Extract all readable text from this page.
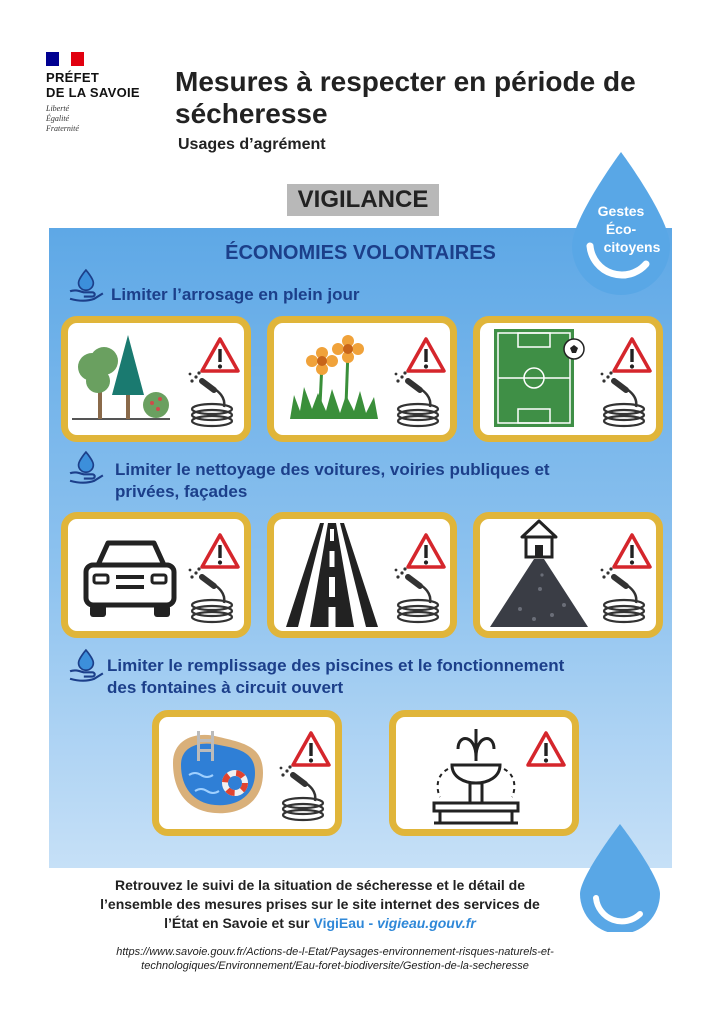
PRÉFET
DE LA SAVOIE
Liberté
Égalité
Fraternité
Mesures à respecter en période de sécheresse
Usages d’agrément
VIGILANCE
ÉCONOMIES VOLONTAIRES
Limiter l’arrosage en plein jour
Limiter le nettoyage des voitures, voiries publiques et
privées, façades
Limiter le remplissage des piscines et le fonctionnement
des fontaines à circuit ouvert
Gestes
Éco-
citoyens
Retrouvez le suivi de la situation de sécheresse et le détail de
l’ensemble des mesures prises sur le site internet des services de
l’État en Savoie et sur VigiEau - vigieau.gouv.fr
https://www.savoie.gouv.fr/Actions-de-l-Etat/Paysages-environnement-risques-naturels-et-
technologiques/Environnement/Eau-foret-biodiversite/Gestion-de-la-secheresse
